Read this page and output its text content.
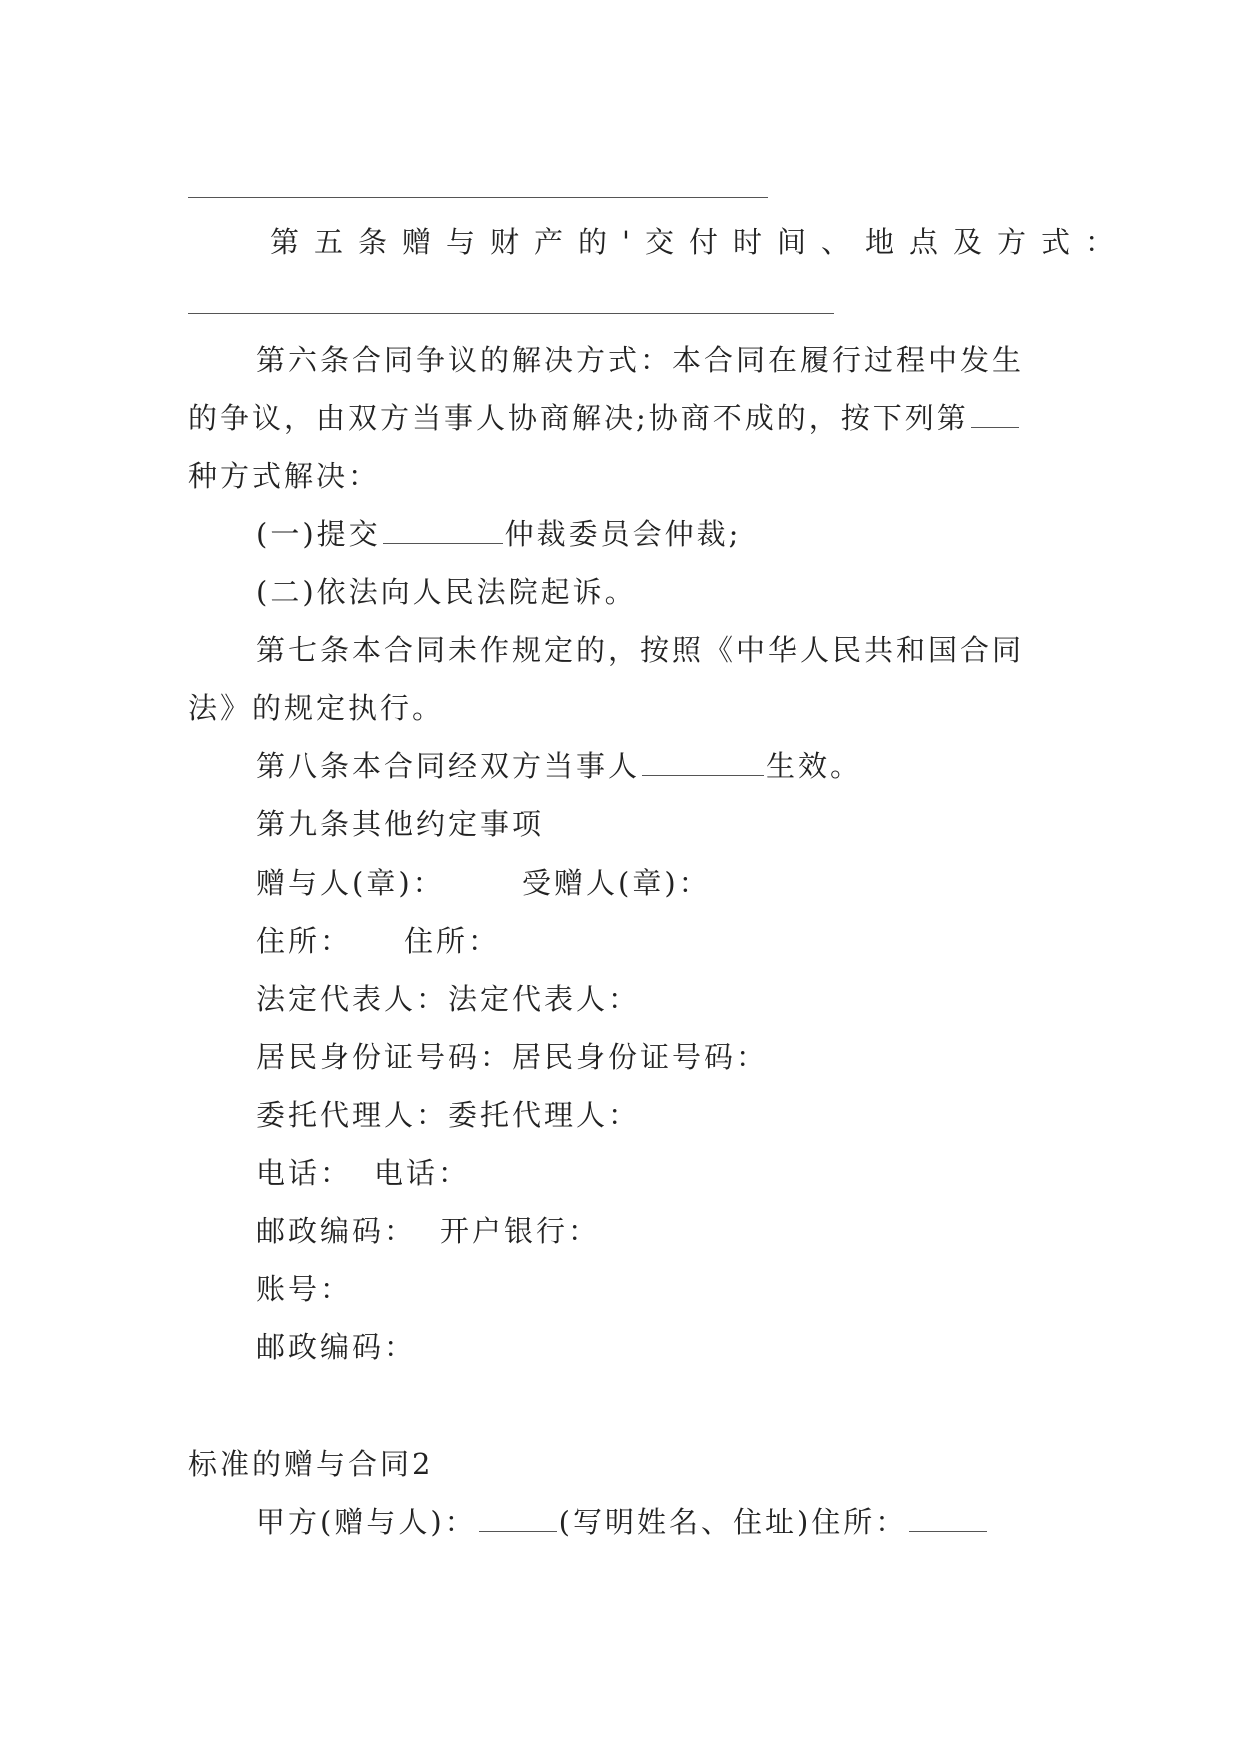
第五条赠与财产的'交付时间、地点及方式：
第六条合同争议的解决方式：本合同在履行过程中发生
的争议，由双方当事人协商解决;协商不成的，按下列第
种方式解决：
(一)提交	仲裁委员会仲裁;
(二)依法向人民法院起诉。
第七条本合同未作规定的，按照《中华人民共和国合同
法》的规定执行。
第八条本合同经双方当事人	生效。
第九条其他约定事项
赠与人(章)：	受赠人(章)：
住所： 住所：
法定代表人：法定代表人：
居民身份证号码：居民身份证号码：
委托代理人：委托代理人：
电话： 电话：
邮政编码： 开户银行：
账号：
邮政编码：
标准的赠与合同2
甲方(赠与人)：	(写明姓名、住址)住所：
